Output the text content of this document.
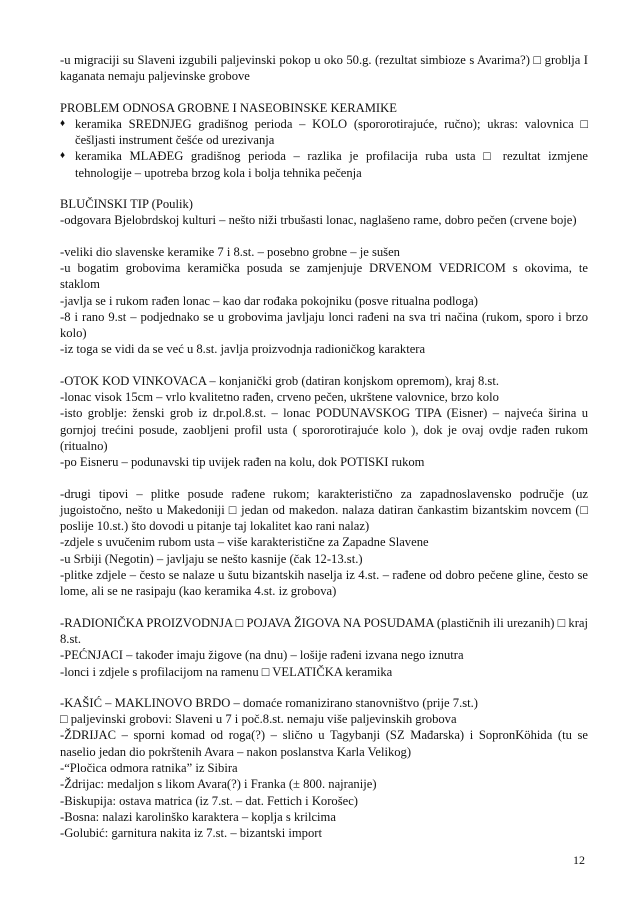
-u migraciji su Slaveni izgubili paljevinski pokop u oko 50.g. (rezultat simbioze s Avarima?) □ groblja I kaganata nemaju paljevinske grobove

PROBLEM ODNOSA GROBNE I NASEOBINSKE KERAMIKE

♦ keramika SREDNJEG gradišnog perioda – KOLO (spororotirajuće, ručno); ukras: valovnica □ češljasti instrument češće od urezivanja
♦ keramika MLAĐEG gradišnog perioda – razlika je profilacija ruba usta □ rezultat izmjene tehnologije – upotreba brzog kola i bolja tehnika pečenja

BLUČINSKI TIP (Poulik)

-odgovara Bjelobrdskoj kulturi – nešto niži trbušasti lonac, naglašeno rame, dobro pečen (crvene boje)

-veliki dio slavenske keramike 7 i 8.st. – posebno grobne – je sušen

-u bogatim grobovima keramička posuda se zamjenjuje DRVENOM VEDRICOM s okovima, te staklom

-javlja se i rukom rađen lonac – kao dar rođaka pokojniku (posve ritualna podloga)

-8 i rano 9.st – podjednako se u grobovima javljaju lonci rađeni na sva tri načina (rukom, sporo i brzo kolo)

-iz toga se vidi da se već u 8.st. javlja proizvodnja radioničkog karaktera

-OTOK KOD VINKOVACA – konjanički grob (datiran konjskom opremom), kraj 8.st.

-lonac visok 15cm – vrlo kvalitetno rađen, crveno pečen, ukrštene valovnice, brzo kolo

-isto groblje: ženski grob iz dr.pol.8.st. – lonac PODUNAVSKOG TIPA (Eisner) – najveća širina u gornjoj trećini posude, zaobljeni profil usta ( spororotirajuće kolo ), dok je ovaj ovdje rađen rukom (ritualno)

-po Eisneru – podunavski tip uvijek rađen na kolu, dok POTISKI rukom

-drugi tipovi – plitke posude rađene rukom; karakteristično za zapadnoslavensko područje (uz jugoistočno, nešto u Makedoniji □ jedan od makedon. nalaza datiran čankastim bizantskim novcem (□ poslije 10.st.) što dovodi u pitanje taj lokalitet kao rani nalaz)

-zdjele s uvučenim rubom usta – više karakteristične za Zapadne Slavene

-u Srbiji (Negotin) – javljaju se nešto kasnije (čak 12-13.st.)

-plitke zdjele – često se nalaze u šutu bizantskih naselja iz 4.st. – rađene od dobro pečene gline, često se lome, ali se ne rasipaju (kao keramika 4.st. iz grobova)

-RADIONIČKA PROIZVODNJA □ POJAVA ŽIGOVA NA POSUDAMA (plastičnih ili urezanih) □ kraj 8.st.

-PEĆNJACI – također imaju žigove (na dnu) – lošije rađeni izvana nego iznutra

-lonci i zdjele s profilacijom na ramenu □ VELATIČKA keramika

-KAŠIĆ – MAKLINOVO BRDO – domaće romanizirano stanovništvo (prije 7.st.)

□ paljevinski grobovi: Slaveni u 7 i poč.8.st. nemaju više paljevinskih grobova

-ŽDRIJAC – sporni komad od roga(?) – slično u Tagybanji (SZ Mađarska) i SopronKöhida (tu se naselio jedan dio pokrštenih Avara – nakon poslanstva Karla Velikog)

-“Pločica odmora ratnika” iz Sibira

-Ždrijac: medaljon s likom Avara(?) i Franka (± 800. najranije)

-Biskupija: ostava matrica (iz 7.st. – dat. Fettich i Korošec)

-Bosna: nalazi karolinško karaktera – koplja s krilcima

-Golubić: garnitura nakita iz 7.st. – bizantski import

12
